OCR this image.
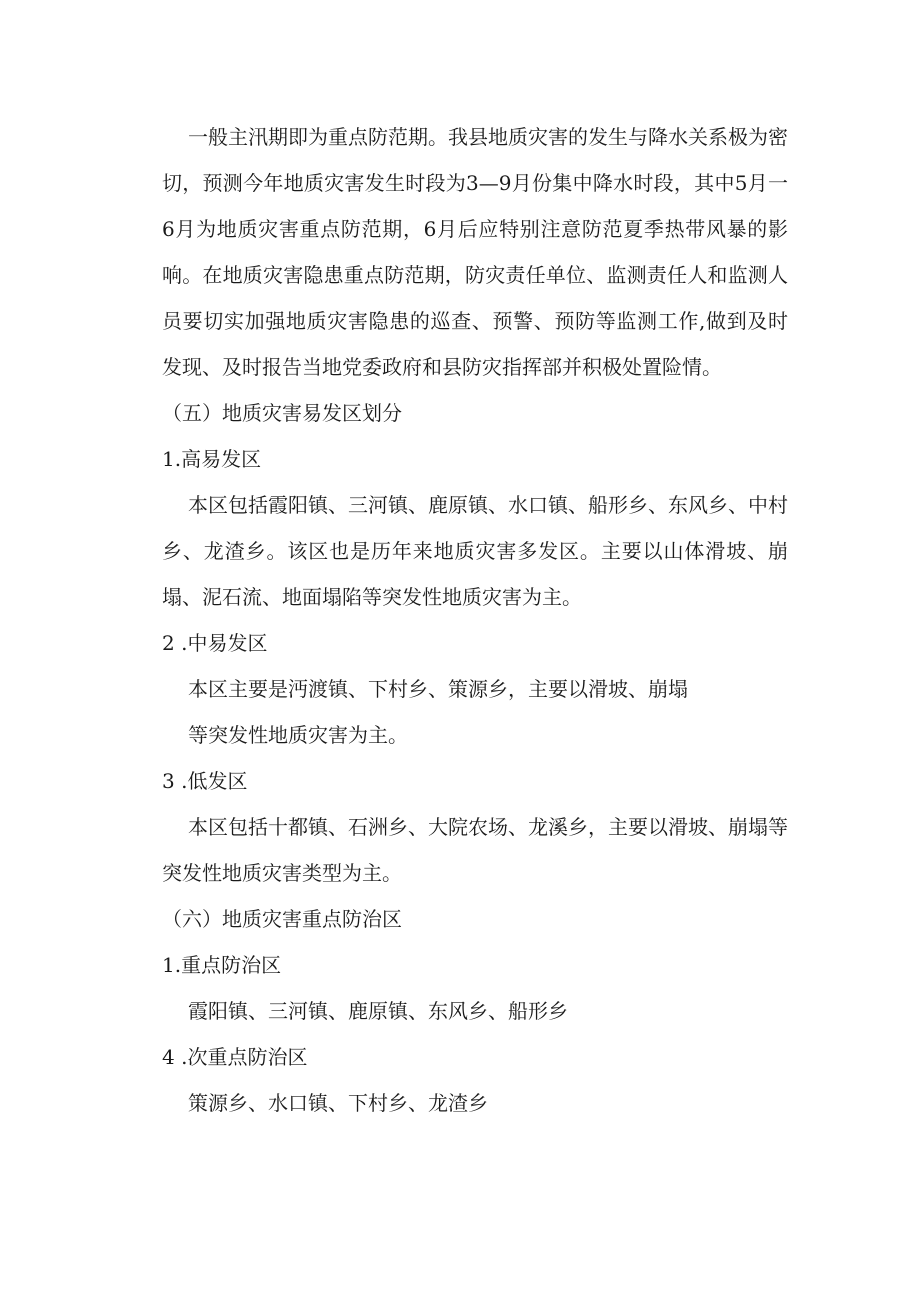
一般主汛期即为重点防范期。我县地质灾害的发生与降水关系极为密切，预测今年地质灾害发生时段为3—9月份集中降水时段，其中5月一6月为地质灾害重点防范期，6月后应特别注意防范夏季热带风暴的影响。在地质灾害隐患重点防范期，防灾责任单位、监测责任人和监测人员要切实加强地质灾害隐患的巡查、预警、预防等监测工作,做到及时发现、及时报告当地党委政府和县防灾指挥部并积极处置险情。

（五）地质灾害易发区划分

1.高易发区

本区包括霞阳镇、三河镇、鹿原镇、水口镇、船形乡、东风乡、中村乡、龙渣乡。该区也是历年来地质灾害多发区。主要以山体滑坡、崩塌、泥石流、地面塌陷等突发性地质灾害为主。

2 .中易发区

本区主要是沔渡镇、下村乡、策源乡，主要以滑坡、崩塌

等突发性地质灾害为主。

3 .低发区

本区包括十都镇、石洲乡、大院农场、龙溪乡，主要以滑坡、崩塌等突发性地质灾害类型为主。

（六）地质灾害重点防治区

1.重点防治区

霞阳镇、三河镇、鹿原镇、东风乡、船形乡

4 .次重点防治区

策源乡、水口镇、下村乡、龙渣乡
